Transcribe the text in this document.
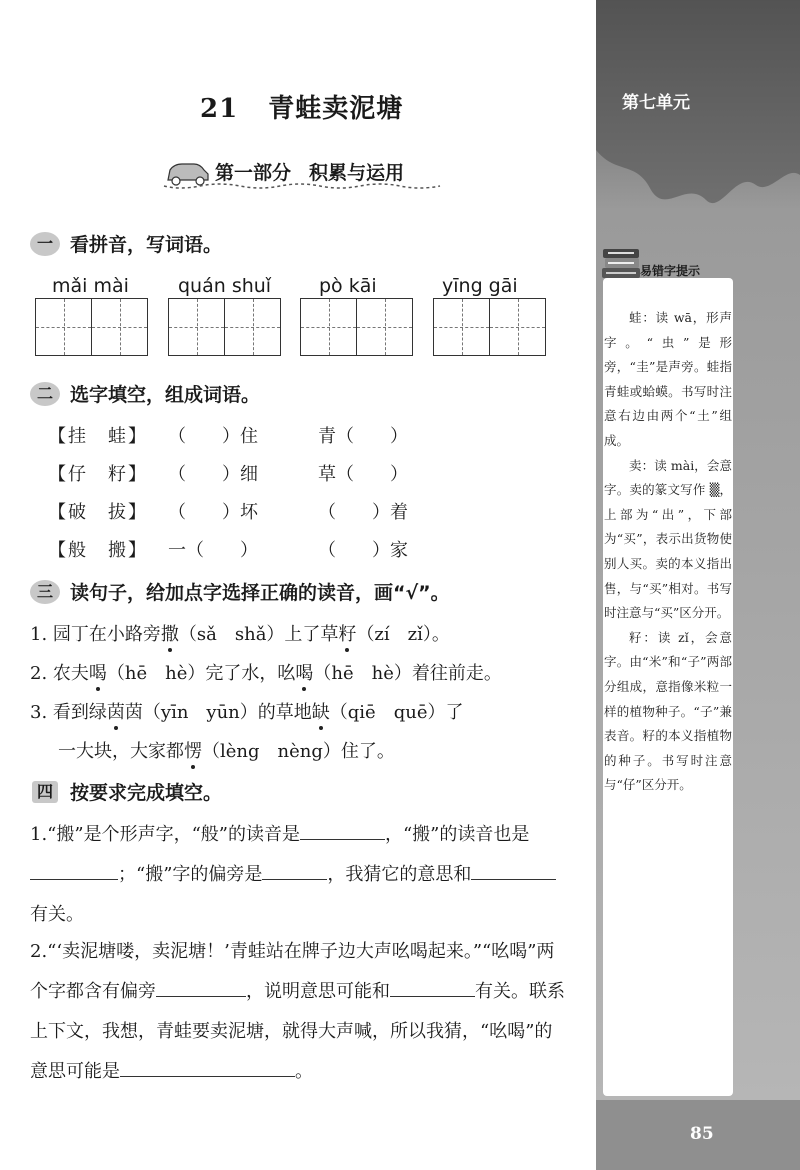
第七单元
易错字提示

蛙：读 wā，形声字。“虫”是形旁，“圭”是声旁。蛙指青蛙或蛤蟆。书写时注意右边由两个“土”组成。

卖：读 mài，会意字。卖的篆文写作 ▒，上部为“出”，下部为“买”，表示出货物使别人买。卖的本义指出售，与“买”相对。书写时注意与“买”区分开。

籽：读 zǐ，会意字。由“米”和“子”两部分组成，意指像米粒一样的植物种子。“子”兼表音。籽的本义指植物的种子。书写时注意与“仔”区分开。

85
21 青蛙卖泥塘
第一部分 积累与运用
一 看拼音，写词语。
mǎi mài	quán shuǐ	pò kāi	yīng gāi
二 选字填空，组成词语。
【挂　蛙】	（　　）住	青（　　）
【仔　籽】	（　　）细	草（　　）
【破　拔】	（　　）坏	（　　）着
【般　搬】	一（　　）	（　　）家
三 读句子，给加点字选择正确的读音，画“√”。
1. 园丁在小路旁撒（sǎ　shǎ）上了草籽（zí　zǐ）。
2. 农夫喝（hē　hè）完了水，吆喝（hē　hè）着往前走。
3. 看到绿茵茵（yīn　yūn）的草地缺（qiē　quē）了
一大块，大家都愣（lèng　nèng）住了。
四 按要求完成填空。
1.“搬”是个形声字，“般”的读音是	，“搬”的读音也是；“搬”字的偏旁是	，我猜它的意思和有关。
2.“‘卖泥塘喽，卖泥塘！’青蛙站在牌子边大声吆喝起来。”“吆喝”两个字都含有偏旁	，说明意思可能和	有关。联系上下文，我想，青蛙要卖泥塘，就得大声喊，所以我猜，“吆喝”的意思可能是	。
